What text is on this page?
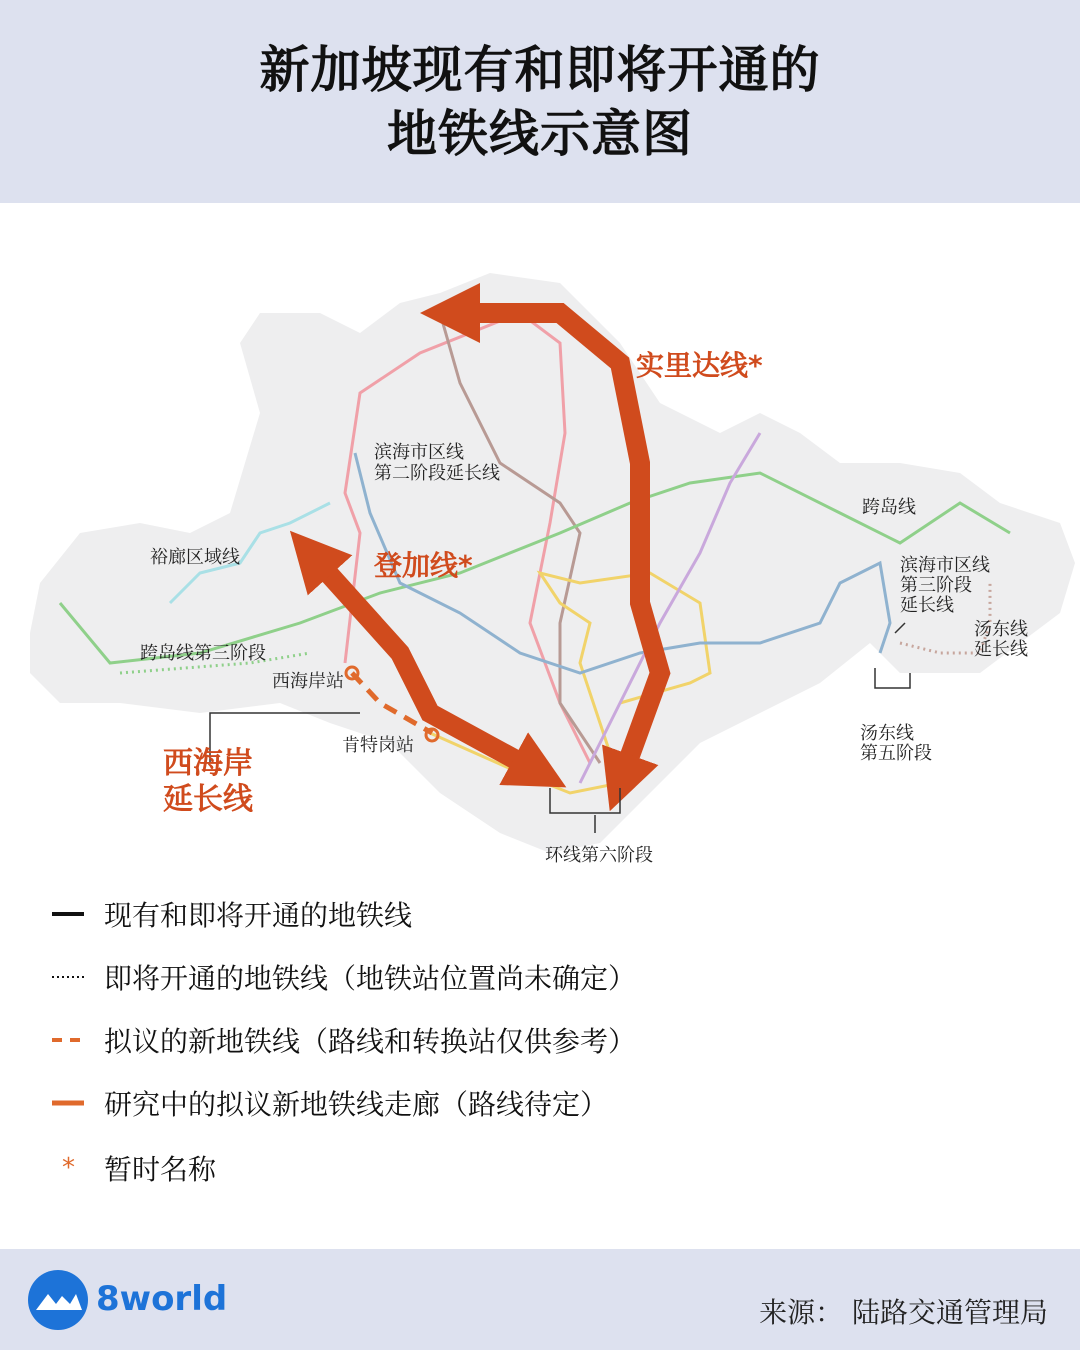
新加坡现有和即将开通的
地铁线示意图
实里达线*
登加线*
裕廊区域线
滨海市区线
第二阶段延长线
跨岛线
滨海市区线
第三阶段
延长线
汤东线
延长线
跨岛线第三阶段
西海岸站
肯特岗站
西海岸
延长线
汤东线
第五阶段
环线第六阶段
现有和即将开通的地铁线
即将开通的地铁线（地铁站位置尚未确定）
拟议的新地铁线（路线和转换站仅供参考）
研究中的拟议新地铁线走廊（路线待定）
* 暂时名称
8world	来源： 陆路交通管理局
